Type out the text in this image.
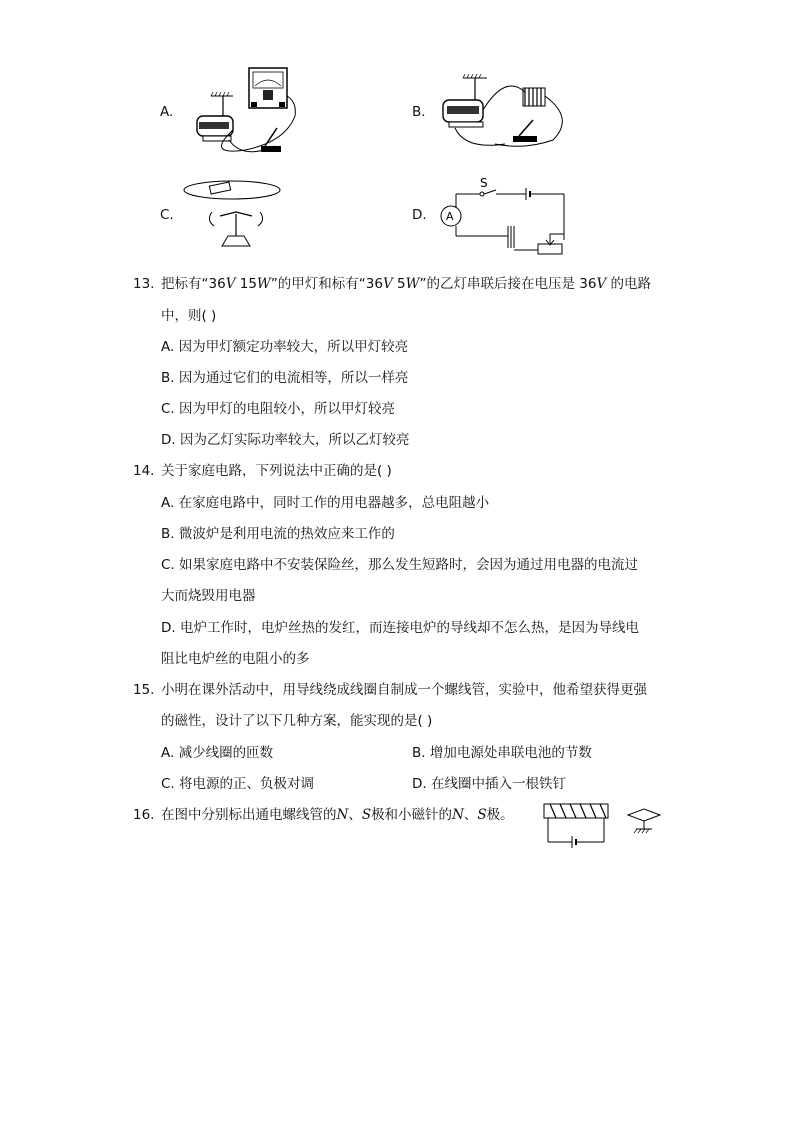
A.	B.
C.	D.
S
A
13. 把标有“36V 15W”的甲灯和标有“36V 5W”的乙灯串联后接在电压是 36V 的电路
中，则( )
A. 因为甲灯额定功率较大，所以甲灯较亮
B. 因为通过它们的电流相等，所以一样亮
C. 因为甲灯的电阻较小，所以甲灯较亮
D. 因为乙灯实际功率较大，所以乙灯较亮
14. 关于家庭电路，下列说法中正确的是( )
A. 在家庭电路中，同时工作的用电器越多，总电阻越小
B. 微波炉是利用电流的热效应来工作的
C. 如果家庭电路中不安装保险丝，那么发生短路时，会因为通过用电器的电流过
大而烧毁用电器
D. 电炉工作时，电炉丝热的发红，而连接电炉的导线却不怎么热，是因为导线电
阻比电炉丝的电阻小的多
15. 小明在课外活动中，用导线绕成线圈自制成一个螺线管，实验中，他希望获得更强
的磁性，设计了以下几种方案，能实现的是( )
A. 减少线圈的匝数	B. 增加电源处串联电池的节数
C. 将电源的正、负极对调	D. 在线圈中插入一根铁钉
16. 在图中分别标出通电螺线管的N、S极和小磁针的N、S极。
